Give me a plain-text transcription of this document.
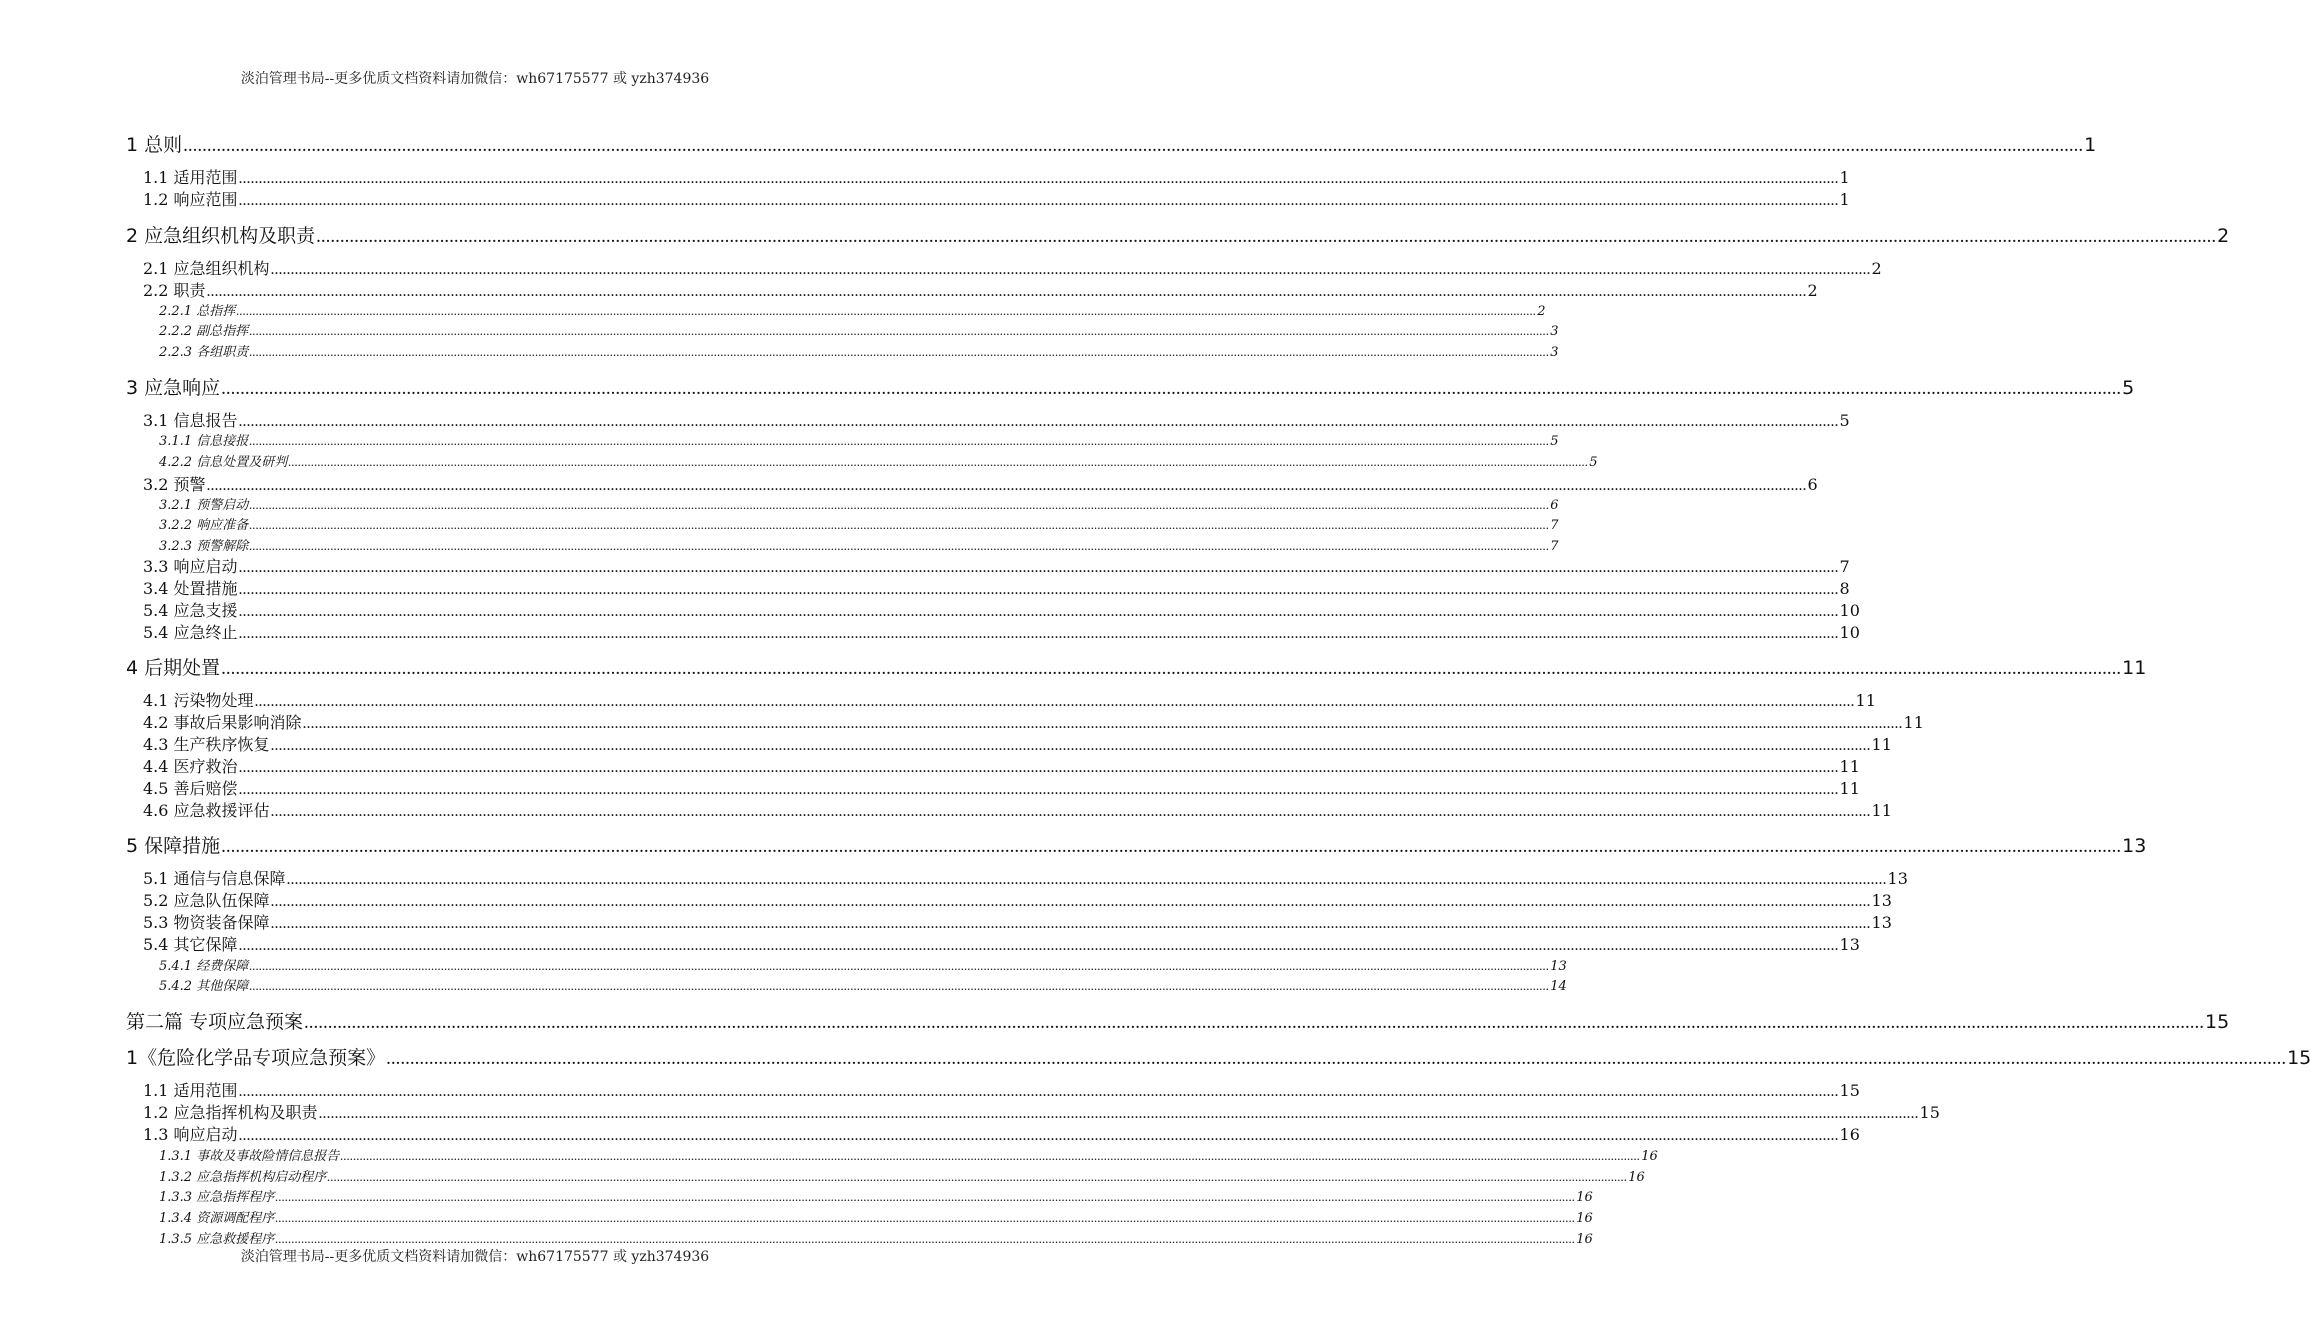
淡泊管理书局--更多优质文档资料请加微信：wh67175577 或 yzh374936
1 总则 ................................................................................................................................................................................................................................................................................................................................................................................................................ 1
1.1 适用范围 ................................................................................................................................................................................................................................................................................................................................................................................................................ 1
1.2 响应范围 ................................................................................................................................................................................................................................................................................................................................................................................................................ 1
2 应急组织机构及职责 ................................................................................................................................................................................................................................................................................................................................................................................................................ 2
2.1 应急组织机构 ................................................................................................................................................................................................................................................................................................................................................................................................................ 2
2.2 职责 ................................................................................................................................................................................................................................................................................................................................................................................................................ 2
2.2.1 总指挥 ................................................................................................................................................................................................................................................................................................................................................................................................................ 2
2.2.2 副总指挥 ................................................................................................................................................................................................................................................................................................................................................................................................................ 3
2.2.3 各组职责 ................................................................................................................................................................................................................................................................................................................................................................................................................ 3
3 应急响应 ................................................................................................................................................................................................................................................................................................................................................................................................................ 5
3.1 信息报告 ................................................................................................................................................................................................................................................................................................................................................................................................................ 5
3.1.1 信息接报 ................................................................................................................................................................................................................................................................................................................................................................................................................ 5
4.2.2 信息处置及研判 ................................................................................................................................................................................................................................................................................................................................................................................................................ 5
3.2 预警 ................................................................................................................................................................................................................................................................................................................................................................................................................ 6
3.2.1 预警启动 ................................................................................................................................................................................................................................................................................................................................................................................................................ 6
3.2.2 响应准备 ................................................................................................................................................................................................................................................................................................................................................................................................................ 7
3.2.3 预警解除 ................................................................................................................................................................................................................................................................................................................................................................................................................ 7
3.3 响应启动 ................................................................................................................................................................................................................................................................................................................................................................................................................ 7
3.4 处置措施 ................................................................................................................................................................................................................................................................................................................................................................................................................ 8
5.4 应急支援 ................................................................................................................................................................................................................................................................................................................................................................................................................ 10
5.4 应急终止 ................................................................................................................................................................................................................................................................................................................................................................................................................ 10
4 后期处置 ................................................................................................................................................................................................................................................................................................................................................................................................................ 11
4.1 污染物处理 ................................................................................................................................................................................................................................................................................................................................................................................................................ 11
4.2 事故后果影响消除 ................................................................................................................................................................................................................................................................................................................................................................................................................ 11
4.3 生产秩序恢复 ................................................................................................................................................................................................................................................................................................................................................................................................................ 11
4.4 医疗救治 ................................................................................................................................................................................................................................................................................................................................................................................................................ 11
4.5 善后赔偿 ................................................................................................................................................................................................................................................................................................................................................................................................................ 11
4.6 应急救援评估 ................................................................................................................................................................................................................................................................................................................................................................................................................ 11
5 保障措施 ................................................................................................................................................................................................................................................................................................................................................................................................................ 13
5.1 通信与信息保障 ................................................................................................................................................................................................................................................................................................................................................................................................................ 13
5.2 应急队伍保障 ................................................................................................................................................................................................................................................................................................................................................................................................................ 13
5.3 物资装备保障 ................................................................................................................................................................................................................................................................................................................................................................................................................ 13
5.4 其它保障 ................................................................................................................................................................................................................................................................................................................................................................................................................ 13
5.4.1 经费保障 ................................................................................................................................................................................................................................................................................................................................................................................................................ 13
5.4.2 其他保障 ................................................................................................................................................................................................................................................................................................................................................................................................................ 14
第二篇 专项应急预案 ................................................................................................................................................................................................................................................................................................................................................................................................................ 15
1《危险化学品专项应急预案》 ................................................................................................................................................................................................................................................................................................................................................................................................................ 15
1.1 适用范围 ................................................................................................................................................................................................................................................................................................................................................................................................................ 15
1.2 应急指挥机构及职责 ................................................................................................................................................................................................................................................................................................................................................................................................................ 15
1.3 响应启动 ................................................................................................................................................................................................................................................................................................................................................................................................................ 16
1.3.1 事故及事故险情信息报告 ................................................................................................................................................................................................................................................................................................................................................................................................................ 16
1.3.2 应急指挥机构启动程序 ................................................................................................................................................................................................................................................................................................................................................................................................................ 16
1.3.3 应急指挥程序 ................................................................................................................................................................................................................................................................................................................................................................................................................ 16
1.3.4 资源调配程序 ................................................................................................................................................................................................................................................................................................................................................................................................................ 16
1.3.5 应急救援程序 ................................................................................................................................................................................................................................................................................................................................................................................................................ 16
淡泊管理书局--更多优质文档资料请加微信：wh67175577 或 yzh374936
